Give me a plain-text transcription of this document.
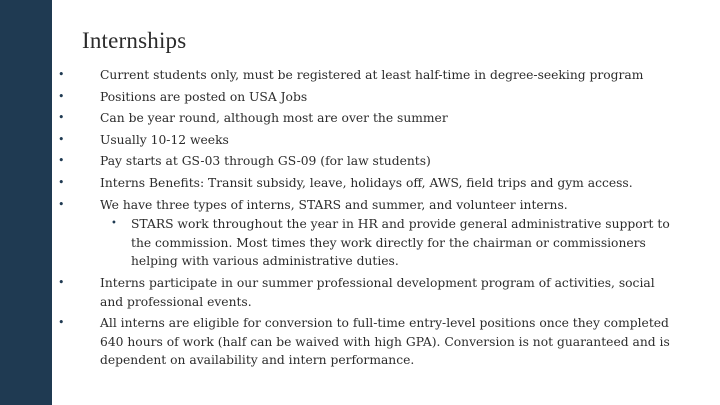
Internships
•	Current students only, must be registered at least half-time in degree-seeking program
•	Positions are posted on USA Jobs
•	Can be year round, although most are over the summer
•	Usually 10-12 weeks
•	Pay starts at GS-03 through GS-09 (for law students)
•	Interns Benefits: Transit subsidy, leave, holidays off, AWS, field trips and gym access.
•	We have three types of interns, STARS and summer, and volunteer interns.
• STARS work throughout the year in HR and provide general administrative support to the commission. Most times they work directly for the chairman or commissioners helping with various administrative duties.
•	Interns participate in our summer professional development program of activities, social and professional events.
•	All interns are eligible for conversion to full-time entry-level positions once they completed 640 hours of work (half can be waived with high GPA). Conversion is not guaranteed and is dependent on availability and intern performance.
